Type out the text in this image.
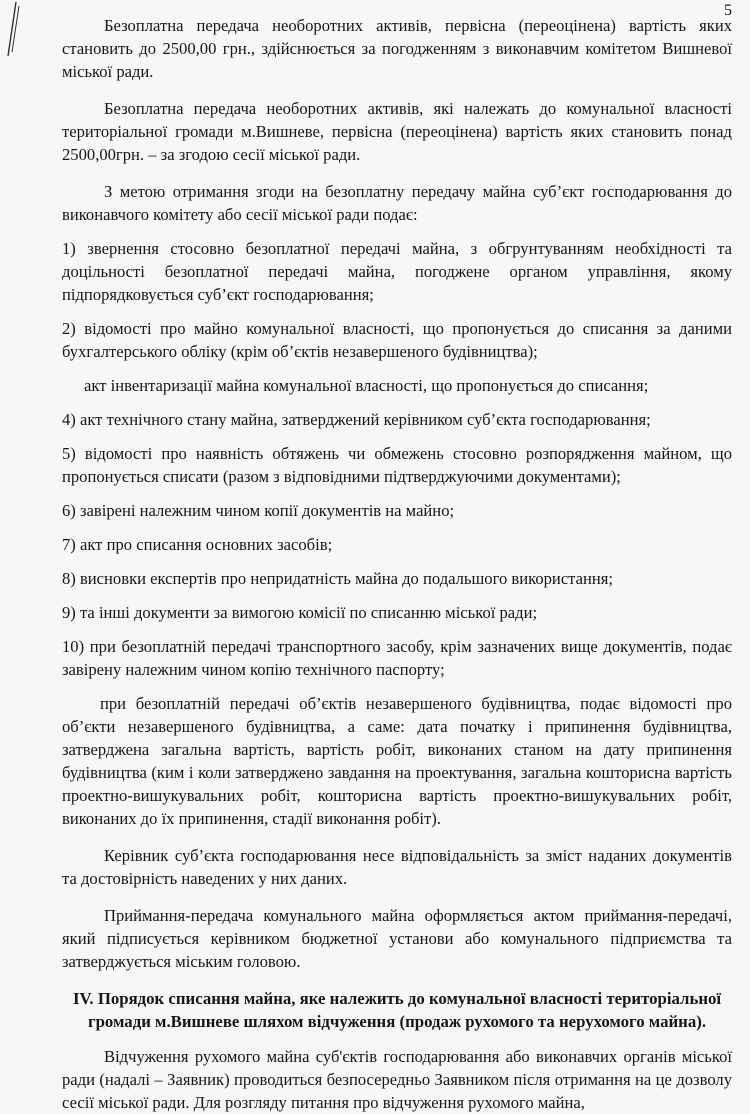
5

Безоплатна передача необоротних активів, первісна (переоцінена) вартість яких становить до 2500,00 грн., здійснюється за погодженням з виконавчим комітетом Вишневої міської ради.

Безоплатна передача необоротних активів, які належать до комунальної власності територіальної громади м.Вишневе, первісна (переоцінена) вартість яких становить понад 2500,00грн. – за згодою сесії міської ради.

З метою отримання згоди на безоплатну передачу майна суб’єкт господарювання до виконавчого комітету або сесії міської ради подає:

1) звернення стосовно безоплатної передачі майна, з обгрунтуванням необхідності та доцільності безоплатної передачі майна, погоджене органом управління, якому підпорядковується суб’єкт господарювання;

2) відомості про майно комунальної власності, що пропонується до списання за даними бухгалтерського обліку (крім об’єктів незавершеного будівництва);

акт інвентаризації майна комунальної власності, що пропонується до списання;

4) акт технічного стану майна, затверджений керівником суб’єкта господарювання;

5) відомості про наявність обтяжень чи обмежень стосовно розпорядження майном, що пропонується списати (разом з відповідними підтверджуючими документами);

6) завірені належним чином копії документів на майно;

7) акт про списання основних засобів;

8) висновки експертів про непридатність майна до подальшого використання;

9) та інші документи за вимогою комісії по списанню міської ради;

10) при безоплатній передачі транспортного засобу, крім зазначених вище документів, подає завірену належним чином копію технічного паспорту;

при безоплатній передачі об’єктів незавершеного будівництва, подає відомості про об’єкти незавершеного будівництва, а саме: дата початку і припинення будівництва, затверджена загальна вартість, вартість робіт, виконаних станом на дату припинення будівництва (ким і коли затверджено завдання на проектування, загальна кошторисна вартість проектно-вишукувальних робіт, кошторисна вартість проектно-вишукувальних робіт, виконаних до їх припинення, стадії виконання робіт).

Керівник суб’єкта господарювання несе відповідальність за зміст наданих документів та достовірність наведених у них даних.

Приймання-передача комунального майна оформляється актом приймання-передачі, який підписується керівником бюджетної установи або комунального підприємства та затверджується міським головою.

IV. Порядок списання майна, яке належить до комунальної власності територіальної громади м.Вишневе шляхом відчуження (продаж рухомого та нерухомого майна).

Відчуження рухомого майна суб'єктів господарювання або виконавчих органів міської ради (надалі – Заявник) проводиться безпосередньо Заявником після отримання на це дозволу сесії міської ради. Для розгляду питання про відчуження рухомого майна,
